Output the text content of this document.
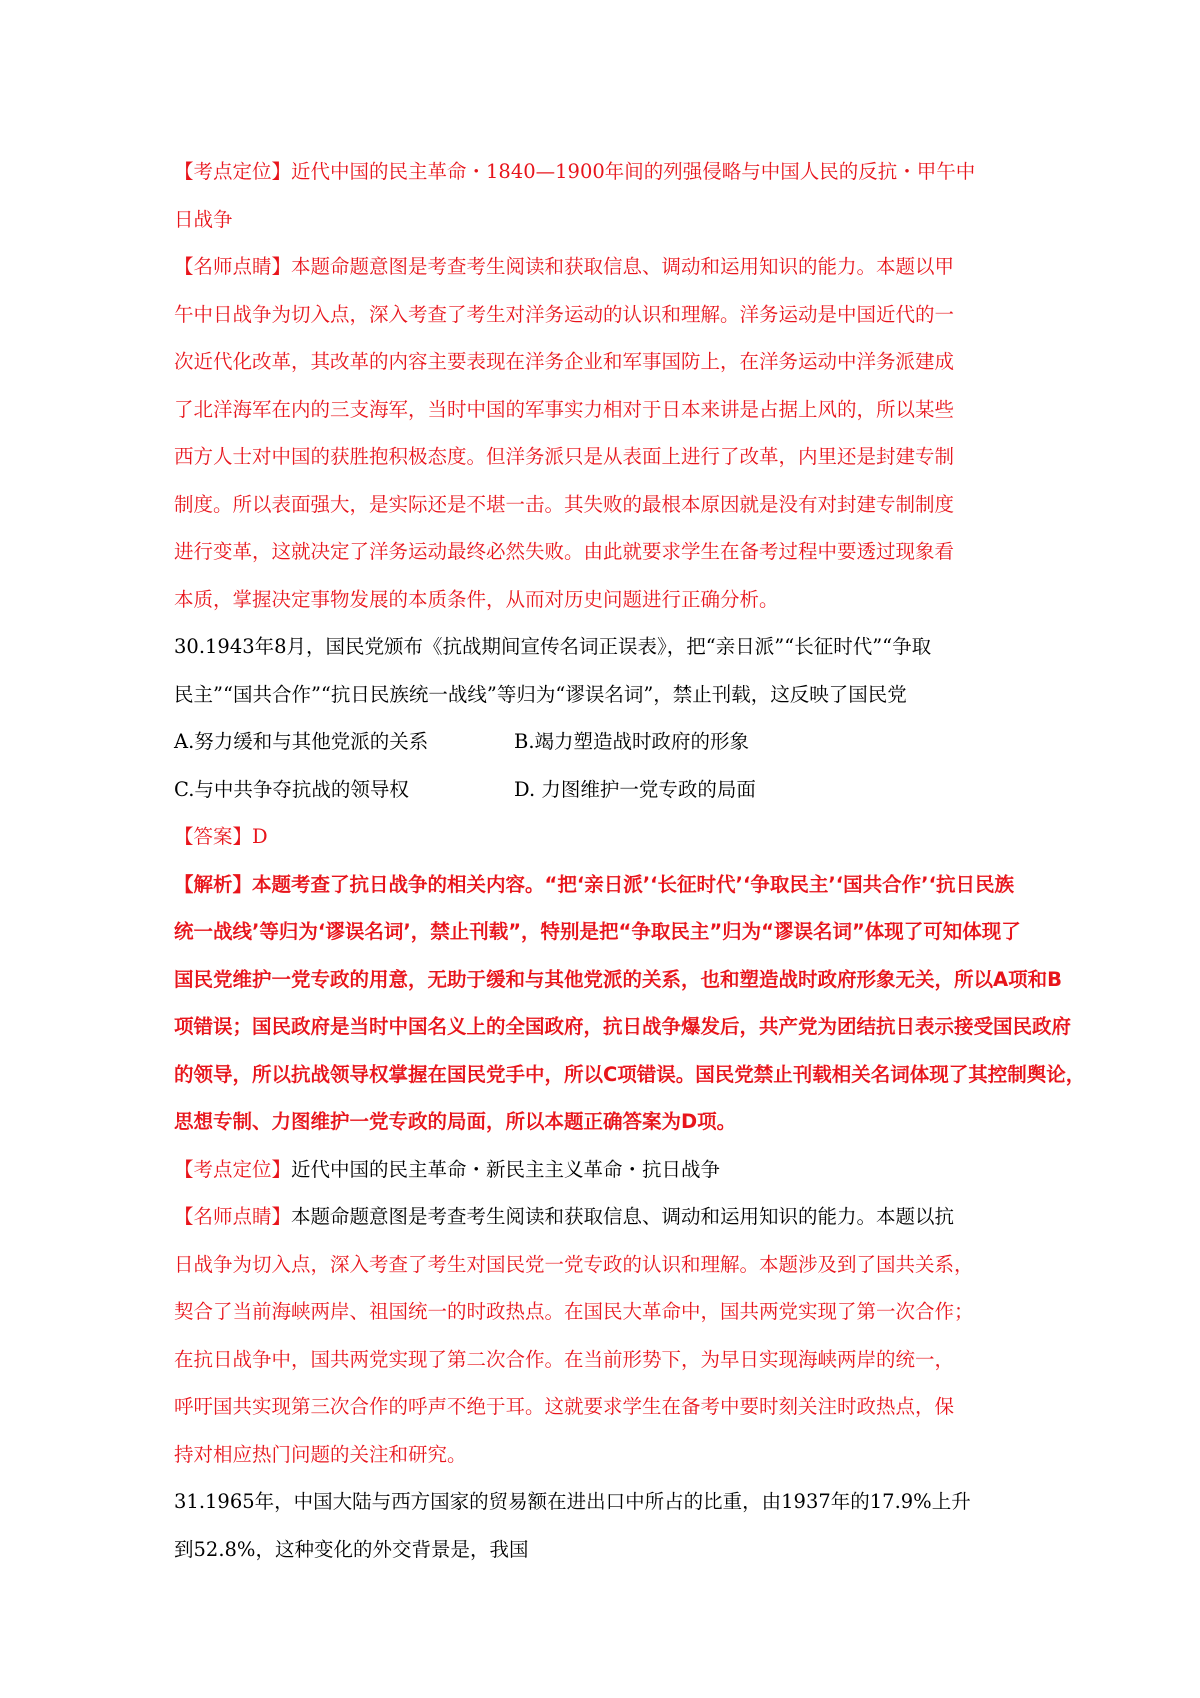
【考点定位】近代中国的民主革命・1840—1900年间的列强侵略与中国人民的反抗・甲午中
日战争
【名师点睛】本题命题意图是考查考生阅读和获取信息、调动和运用知识的能力。本题以甲
午中日战争为切入点，深入考查了考生对洋务运动的认识和理解。洋务运动是中国近代的一
次近代化改革，其改革的内容主要表现在洋务企业和军事国防上，在洋务运动中洋务派建成
了北洋海军在内的三支海军，当时中国的军事实力相对于日本来讲是占据上风的，所以某些
西方人士对中国的获胜抱积极态度。但洋务派只是从表面上进行了改革，内里还是封建专制
制度。所以表面强大，是实际还是不堪一击。其失败的最根本原因就是没有对封建专制制度
进行变革，这就决定了洋务运动最终必然失败。由此就要求学生在备考过程中要透过现象看
本质，掌握决定事物发展的本质条件，从而对历史问题进行正确分析。
30.1943年8月，国民党颁布《抗战期间宣传名词正误表》，把“亲日派”“长征时代”“争取
民主”“国共合作”“抗日民族统一战线”等归为“谬误名词”，禁止刊载，这反映了国民党
A.努力缓和与其他党派的关系	B.竭力塑造战时政府的形象
C.与中共争夺抗战的领导权	D. 力图维护一党专政的局面
【答案】D
【解析】本题考查了抗日战争的相关内容。“把‘亲日派’‘长征时代’‘争取民主’‘国共合作’‘抗日民族
统一战线’等归为‘谬误名词’，禁止刊载”，特别是把“争取民主”归为“谬误名词”体现了可知体现了
国民党维护一党专政的用意，无助于缓和与其他党派的关系，也和塑造战时政府形象无关，所以A项和B
项错误；国民政府是当时中国名义上的全国政府，抗日战争爆发后，共产党为团结抗日表示接受国民政府
的领导，所以抗战领导权掌握在国民党手中，所以C项错误。国民党禁止刊载相关名词体现了其控制舆论，
思想专制、力图维护一党专政的局面，所以本题正确答案为D项。
【考点定位】近代中国的民主革命・新民主主义革命・抗日战争
【名师点睛】本题命题意图是考查考生阅读和获取信息、调动和运用知识的能力。本题以抗
日战争为切入点，深入考查了考生对国民党一党专政的认识和理解。本题涉及到了国共关系，
契合了当前海峡两岸、祖国统一的时政热点。在国民大革命中，国共两党实现了第一次合作；
在抗日战争中，国共两党实现了第二次合作。在当前形势下，为早日实现海峡两岸的统一，
呼吁国共实现第三次合作的呼声不绝于耳。这就要求学生在备考中要时刻关注时政热点，保
持对相应热门问题的关注和研究。
31.1965年，中国大陆与西方国家的贸易额在进出口中所占的比重，由1937年的17.9%上升
到52.8%，这种变化的外交背景是，我国
